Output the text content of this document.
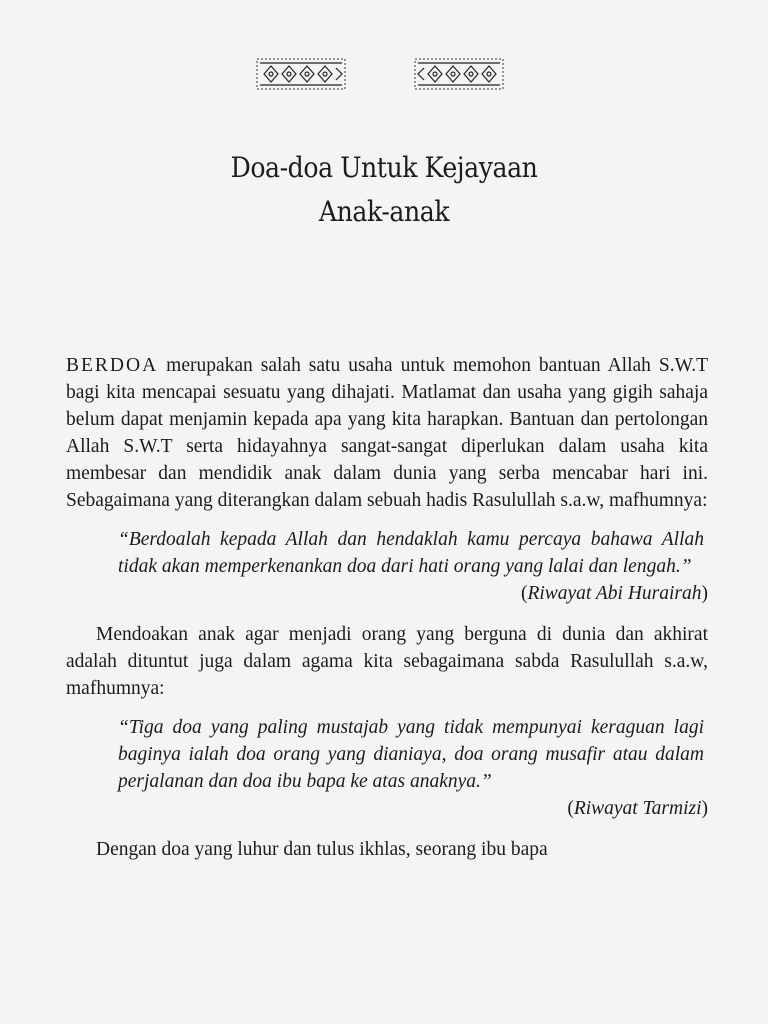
Doa-doa Untuk Kejayaan
Anak-anak

BERDOA merupakan salah satu usaha untuk memohon bantuan Allah S.W.T bagi kita mencapai sesuatu yang dihajati. Matlamat dan usaha yang gigih sahaja belum dapat menjamin kepada apa yang kita harapkan. Bantuan dan pertolongan Allah S.W.T serta hidayahnya sangat-sangat diperlukan dalam usaha kita membesar dan mendidik anak dalam dunia yang serba mencabar hari ini. Sebagaimana yang diterangkan dalam sebuah hadis Rasulullah s.a.w, mafhumnya:

“Berdoalah kepada Allah dan hendaklah kamu percaya bahawa Allah tidak akan memperkenankan doa dari hati orang yang lalai dan lengah.”
(Riwayat Abi Hurairah)

Mendoakan anak agar menjadi orang yang berguna di dunia dan akhirat adalah dituntut juga dalam agama kita sebagaimana sabda Rasulullah s.a.w, mafhumnya:

“Tiga doa yang paling mustajab yang tidak mempunyai keraguan lagi baginya ialah doa orang yang dianiaya, doa orang musafir atau dalam perjalanan dan doa ibu bapa ke atas anaknya.”
(Riwayat Tarmizi)

Dengan doa yang luhur dan tulus ikhlas, seorang ibu bapa
